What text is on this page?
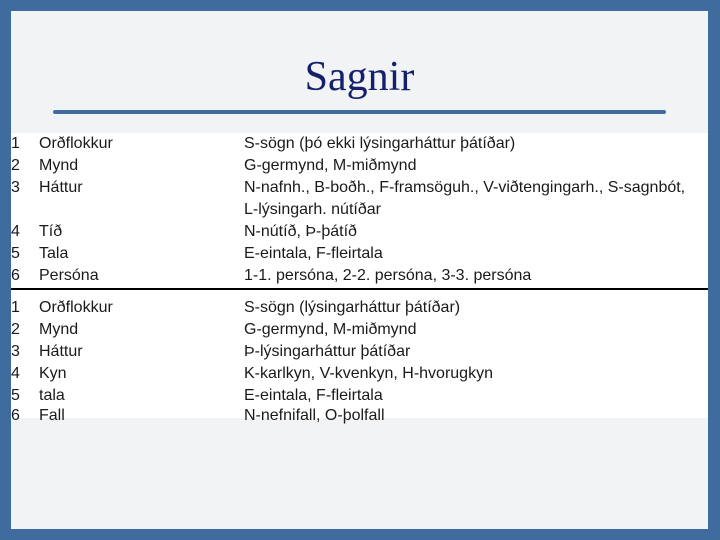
Sagnir
1 Orðflokkur	S-sögn (þó ekki lýsingarháttur þátíðar)
2 Mynd	G-germynd, M-miðmynd
3 Háttur	N-nafnh., B-boðh., F-framsöguh., V-viðtengingarh., S-sagnbót,
L-lýsingarh. nútíðar
4 Tíð	N-nútíð, Þ-þátíð
5 Tala	E-eintala, F-fleirtala
6 Persóna	1-1. persóna, 2-2. persóna, 3-3. persóna
1 Orðflokkur	S-sögn (lýsingarháttur þátíðar)
2 Mynd	G-germynd, M-miðmynd
3 Háttur	Þ-lýsingarháttur þátíðar
4 Kyn	K-karlkyn, V-kvenkyn, H-hvorugkyn
5 tala	E-eintala, F-fleirtala
6 Fall	N-nefnifall, O-þolfall
